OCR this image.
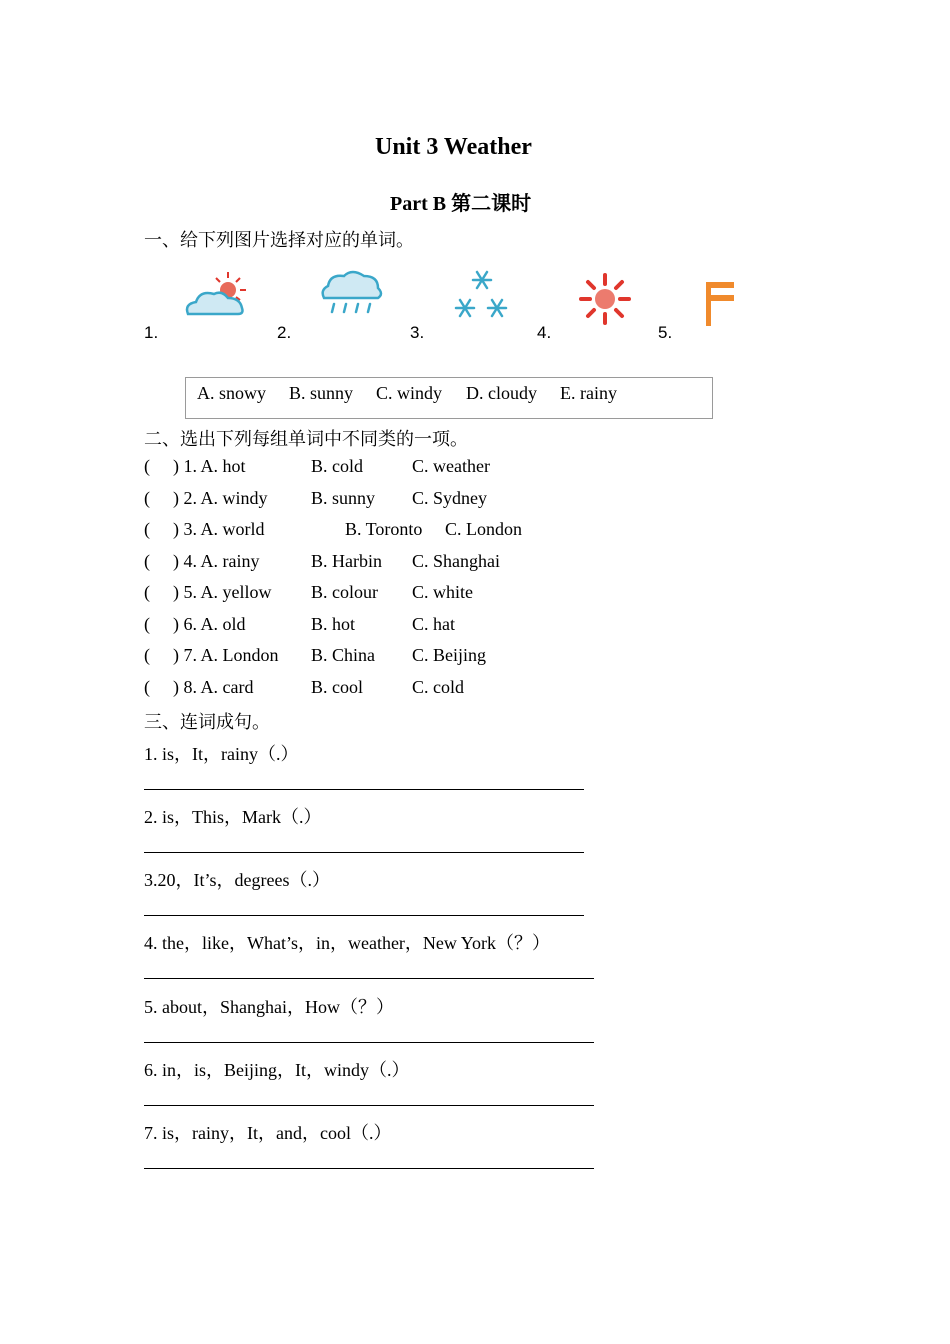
Unit 3 Weather
Part B 第二课时
一、给下列图片选择对应的单词。
1.	2.	3.	4.	5.
A. snowy B. sunny C. windy D. cloudy E. rainy
二、选出下列每组单词中不同类的一项。
( ) 1. A. hot	B. cold	C. weather
( ) 2. A. windy B. sunny C. Sydney
( ) 3. A. world	B. Toronto C. London
( ) 4. A. rainy	B. Harbin C. Shanghai
( ) 5. A. yellow B. colour C. white
( ) 6. A. old	B. hot	C. hat
( ) 7. A. London B. China C. Beijing
( ) 8. A. card	B. cool	C. cold
三、连词成句。
1. is，It，rainy（.）
2. is，This，Mark（.）
3.20，It’s，degrees（.）
4. the，like，What’s，in，weather，New York（？）
5. about，Shanghai，How（？）
6. in，is，Beijing，It，windy（.）
7. is，rainy，It，and，cool（.）
